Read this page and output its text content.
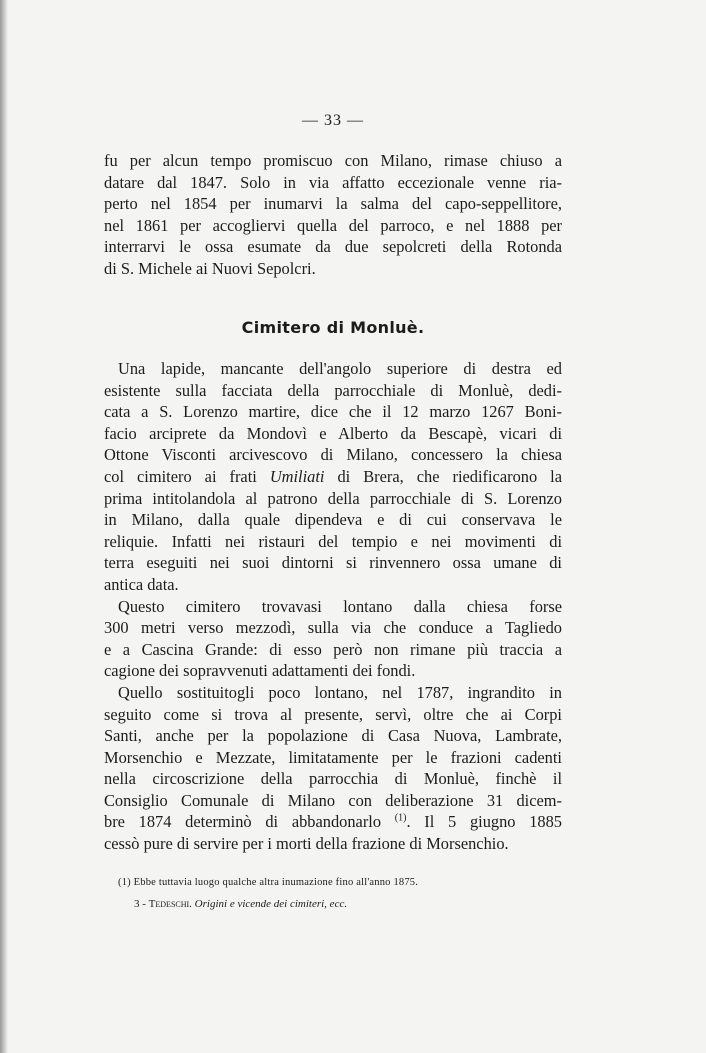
— 33 —
fu per alcun tempo promiscuo con Milano, rimase chiuso a
datare dal 1847. Solo in via affatto eccezionale venne ria-
perto nel 1854 per inumarvi la salma del capo-seppellitore,
nel 1861 per accogliervi quella del parroco, e nel 1888 per
interrarvi le ossa esumate da due sepolcreti della Rotonda
di S. Michele ai Nuovi Sepolcri.
Cimitero di Monluè.
Una lapide, mancante dell'angolo superiore di destra ed
esistente sulla facciata della parrocchiale di Monluè, dedi-
cata a S. Lorenzo martire, dice che il 12 marzo 1267 Boni-
facio arciprete da Mondovì e Alberto da Bescapè, vicari di
Ottone Visconti arcivescovo di Milano, concessero la chiesa
col cimitero ai frati Umiliati di Brera, che riedificarono la
prima intitolandola al patrono della parrocchiale di S. Lorenzo
in Milano, dalla quale dipendeva e di cui conservava le
reliquie. Infatti nei ristauri del tempio e nei movimenti di
terra eseguiti nei suoi dintorni si rinvennero ossa umane di
antica data.
Questo cimitero trovavasi lontano dalla chiesa forse
300 metri verso mezzodì, sulla via che conduce a Tagliedo
e a Cascina Grande: di esso però non rimane più traccia a
cagione dei sopravvenuti adattamenti dei fondi.
Quello sostituitogli poco lontano, nel 1787, ingrandito in
seguito come si trova al presente, servì, oltre che ai Corpi
Santi, anche per la popolazione di Casa Nuova, Lambrate,
Morsenchio e Mezzate, limitatamente per le frazioni cadenti
nella circoscrizione della parrocchia di Monluè, finchè il
Consiglio Comunale di Milano con deliberazione 31 dicem-
bre 1874 determinò di abbandonarlo $^{(1)}$. Il 5 giugno 1885
cessò pure di servire per i morti della frazione di Morsenchio.
(1) Ebbe tuttavia luogo qualche altra inumazione fino all'anno 1875.
3 - Tedeschi. Origini e vicende dei cimiteri, ecc.
